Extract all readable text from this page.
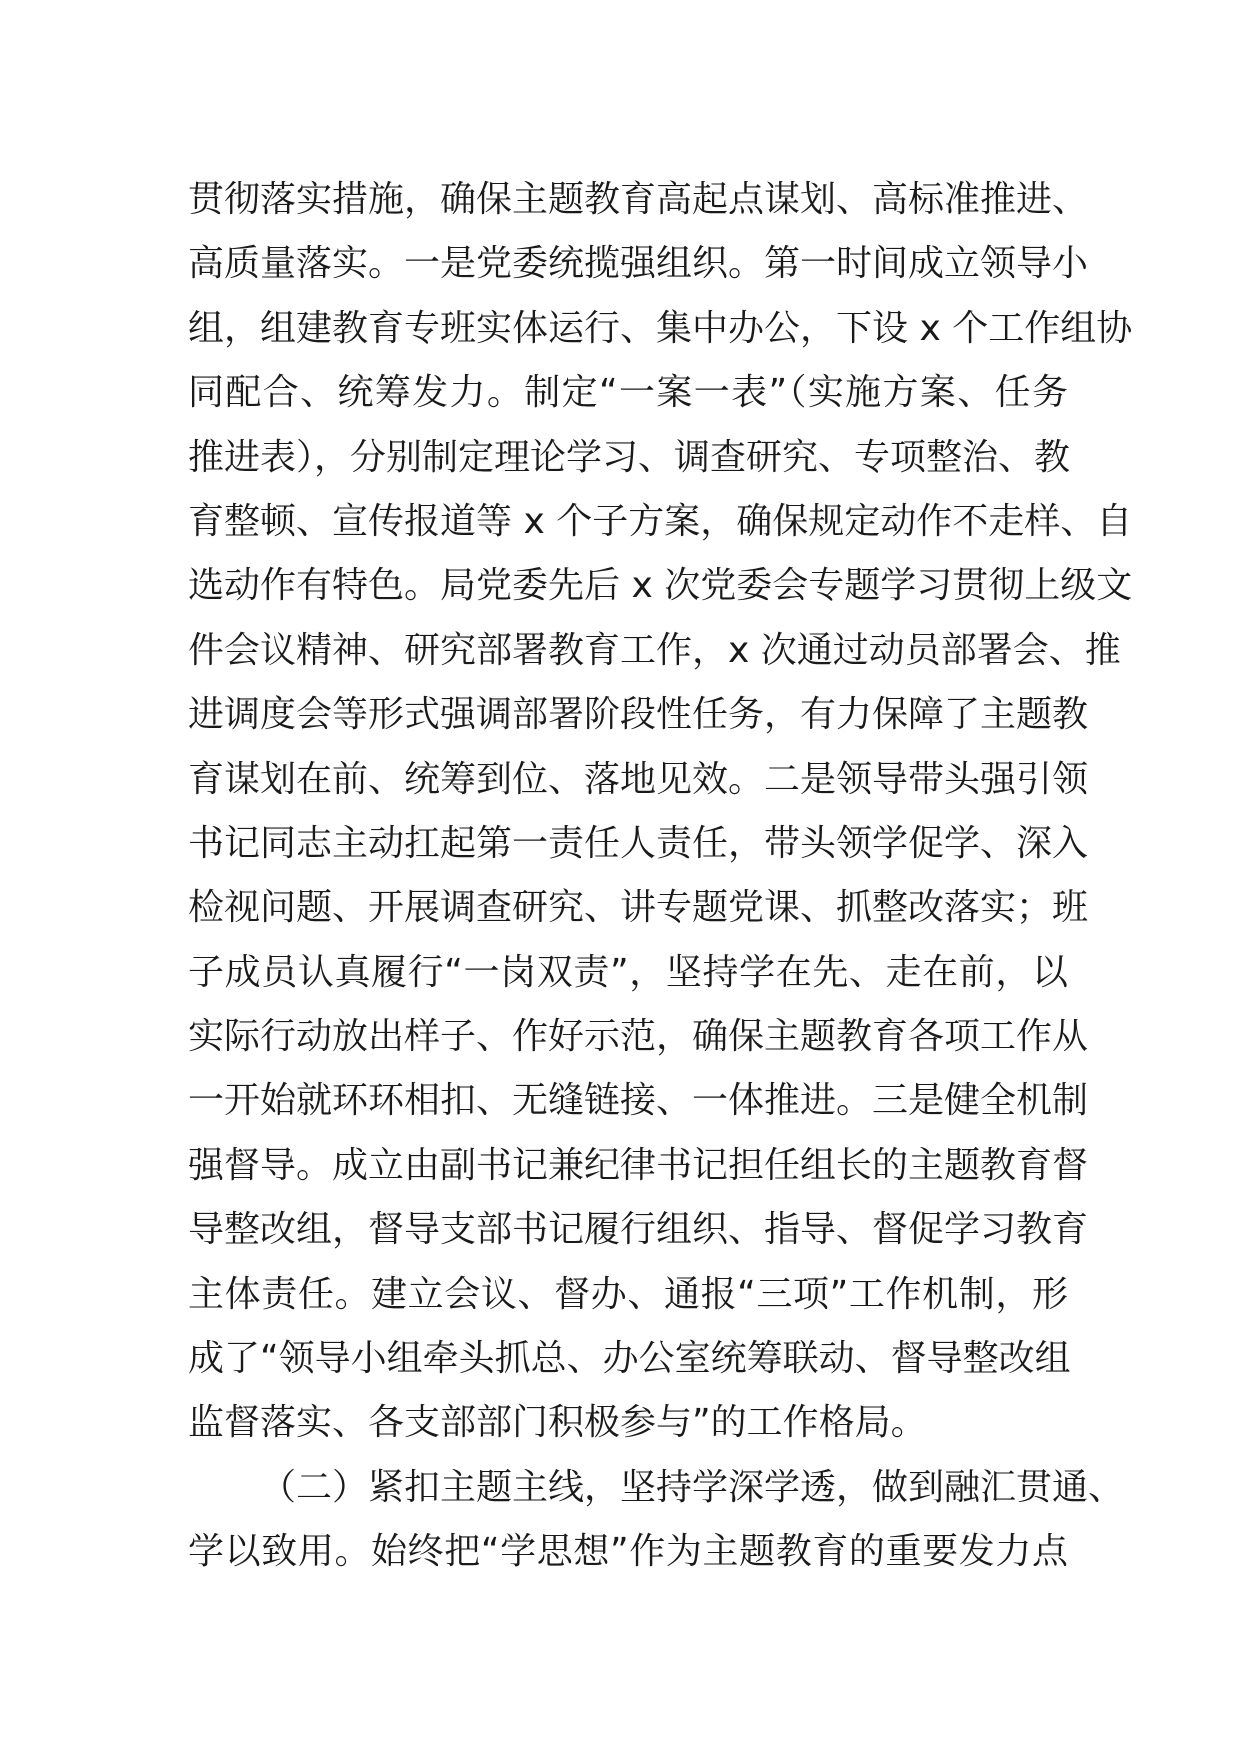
贯彻落实措施，确保主题教育高起点谋划、高标准推进、
高质量落实。一是党委统揽强组织。第一时间成立领导小
组，组建教育专班实体运行、集中办公，下设 x 个工作组协
同配合、统筹发力。制定“一案一表”（实施方案、任务
推进表），分别制定理论学习、调查研究、专项整治、教
育整顿、宣传报道等 x 个子方案，确保规定动作不走样、自
选动作有特色。局党委先后 x 次党委会专题学习贯彻上级文
件会议精神、研究部署教育工作，x 次通过动员部署会、推
进调度会等形式强调部署阶段性任务，有力保障了主题教
育谋划在前、统筹到位、落地见效。二是领导带头强引领
书记同志主动扛起第一责任人责任，带头领学促学、深入
检视问题、开展调查研究、讲专题党课、抓整改落实；班
子成员认真履行“一岗双责”，坚持学在先、走在前，以
实际行动放出样子、作好示范，确保主题教育各项工作从
一开始就环环相扣、无缝链接、一体推进。三是健全机制
强督导。成立由副书记兼纪律书记担任组长的主题教育督
导整改组，督导支部书记履行组织、指导、督促学习教育
主体责任。建立会议、督办、通报“三项”工作机制，形
成了“领导小组牵头抓总、办公室统筹联动、督导整改组
监督落实、各支部部门积极参与”的工作格局。
（二）紧扣主题主线，坚持学深学透，做到融汇贯通、
学以致用。始终把“学思想”作为主题教育的重要发力点
